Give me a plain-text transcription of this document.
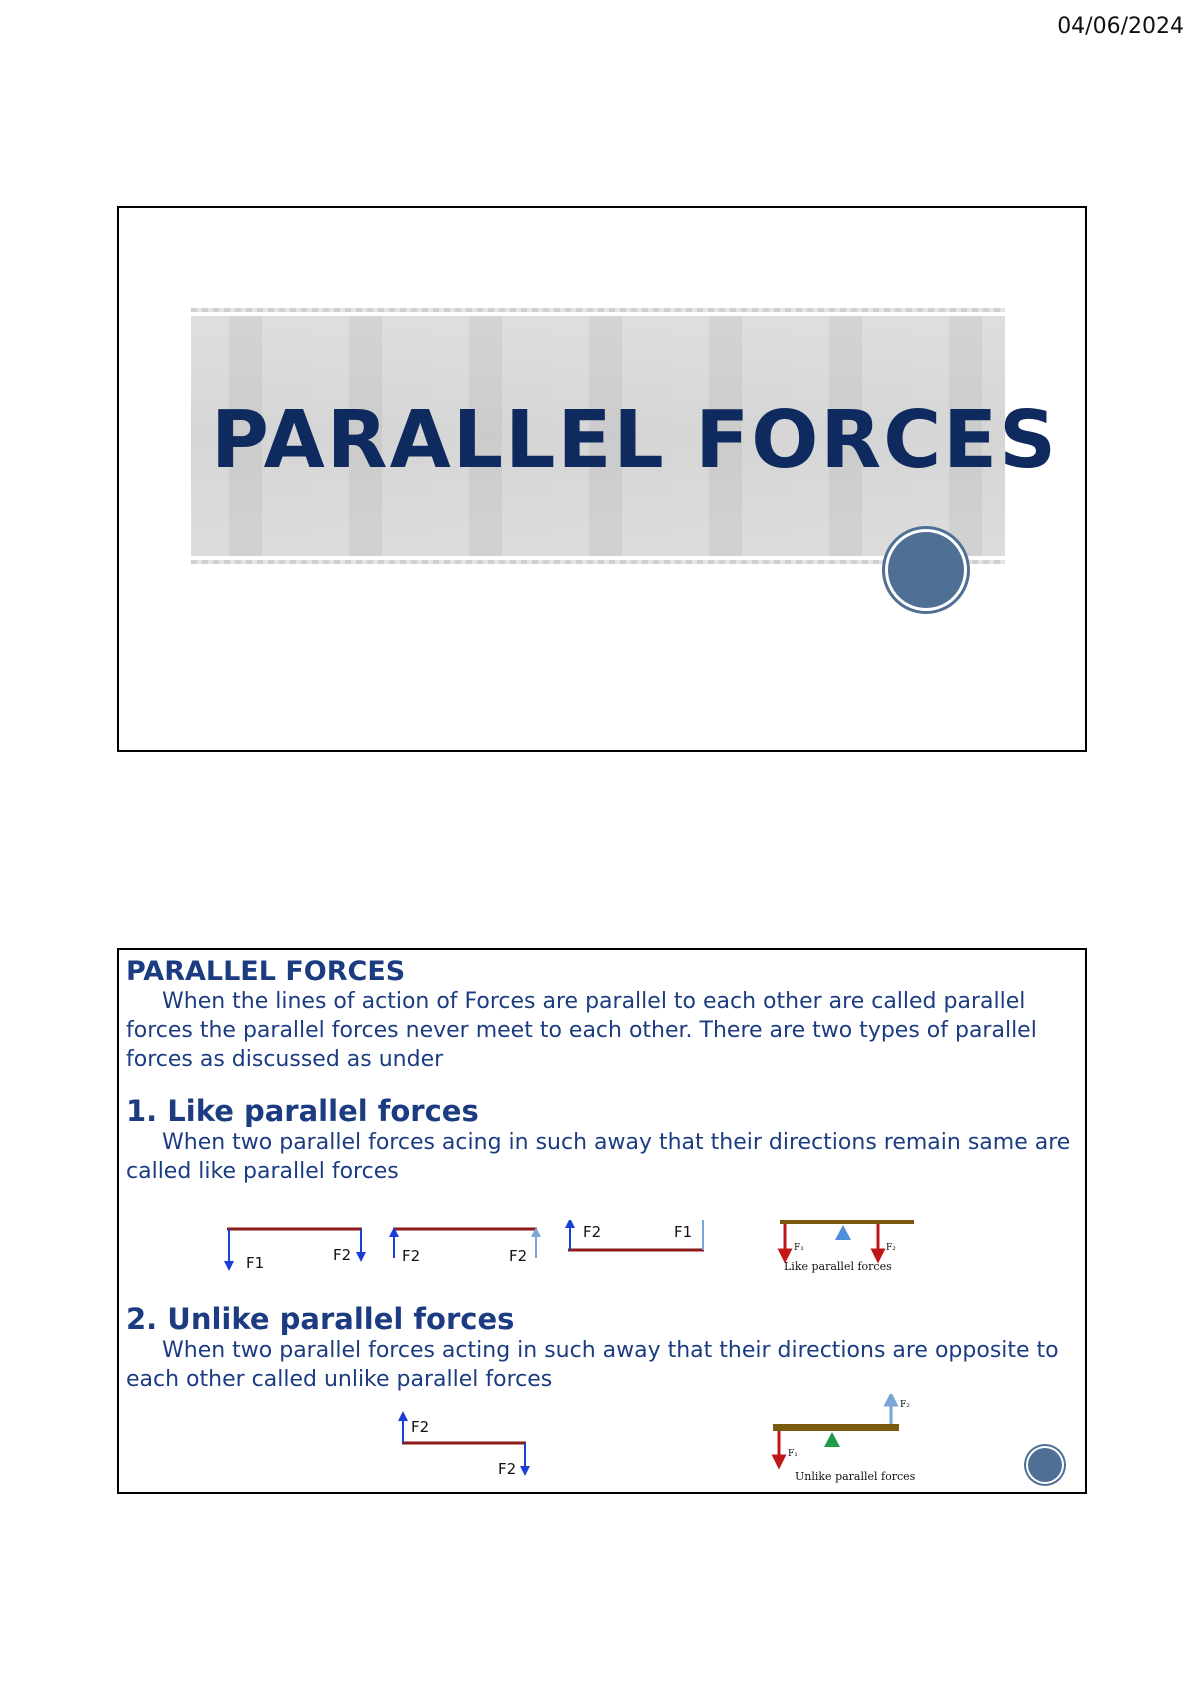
04/06/2024
PARALLEL FORCES
PARALLEL FORCES

When the lines of action of Forces are parallel to each other are called parallel forces the parallel forces never meet to each other. There are two types of parallel forces as discussed as under

1. Like parallel forces

When two parallel forces acing in such away that their directions remain same are called like parallel forces

F1	F2	F2	F2
F2	F1
F₁	F₂
Like parallel forces
2. Unlike parallel forces

When two parallel forces acting in such away that their directions are opposite to each other called unlike parallel forces

F2
F2
F₁
F₂
Unlike parallel forces
